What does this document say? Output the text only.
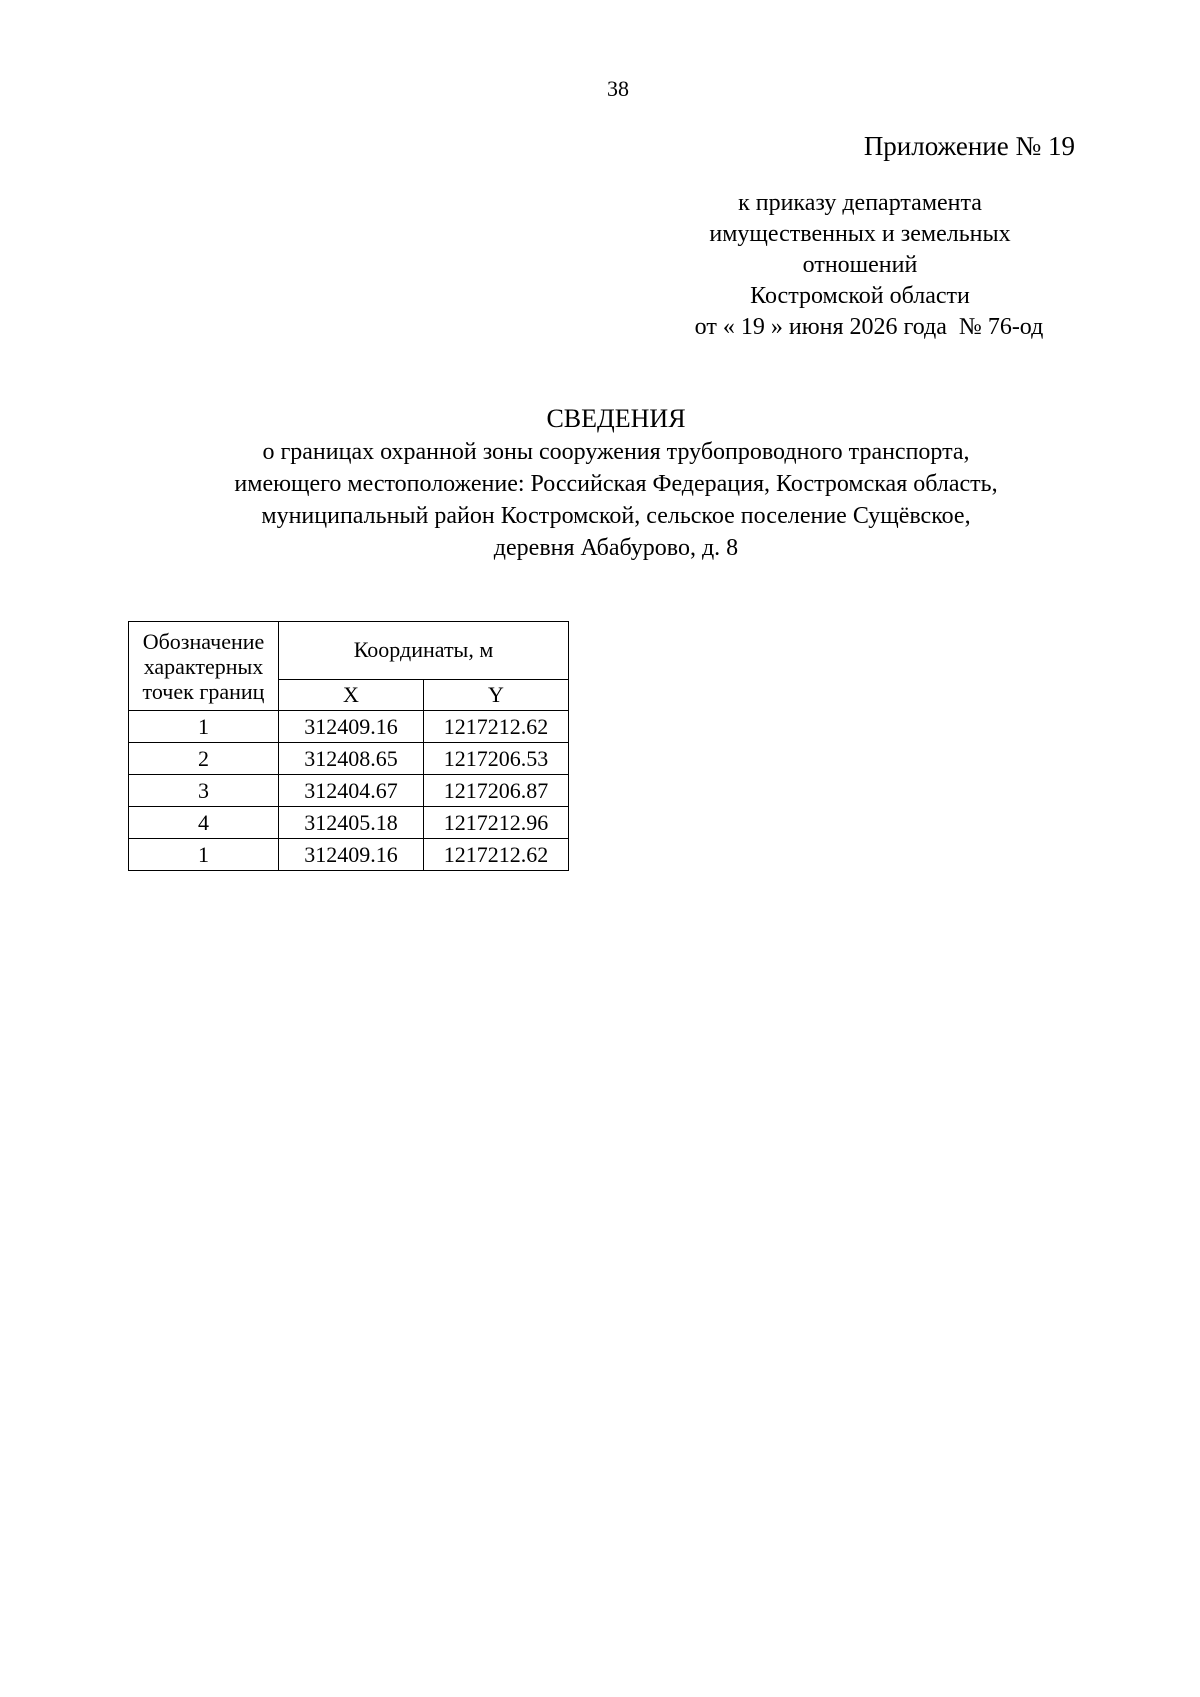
38
Приложение № 19
к приказу департамента
имущественных и земельных
отношений
Костромской области
от « 19 » июня 2026 года  № 76-од
СВЕДЕНИЯ
о границах охранной зоны сооружения трубопроводного транспорта,
имеющего местоположение: Российская Федерация, Костромская область,
муниципальный район Костромской, сельское поселение Сущёвское,
деревня Абабурово, д. 8
Обозначение
характерных
точек границ	Координаты, м	
	X	Y
1	312409.16	1217212.62
2	312408.65	1217206.53
3	312404.67	1217206.87
4	312405.18	1217212.96
1	312409.16	1217212.62
